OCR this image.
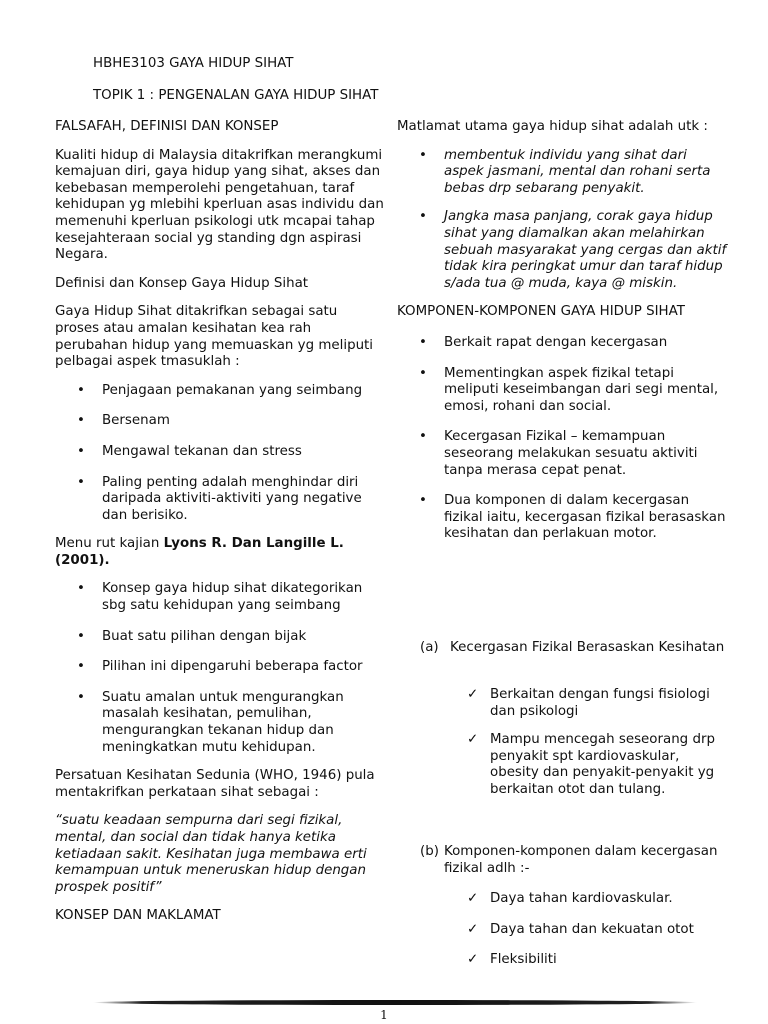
HBHE3103 GAYA HIDUP SIHAT
TOPIK 1 : PENGENALAN GAYA HIDUP SIHAT

FALSAFAH, DEFINISI DAN KONSEP

Kualiti hidup di Malaysia ditakrifkan merangkumi kemajuan diri, gaya hidup yang sihat, akses dan kebebasan memperolehi pengetahuan, taraf kehidupan yg mlebihi kperluan asas individu dan memenuhi kperluan psikologi utk mcapai tahap kesejahteraan social yg standing dgn aspirasi Negara.

Definisi dan Konsep Gaya Hidup Sihat

Gaya Hidup Sihat ditakrifkan sebagai satu proses atau amalan kesihatan kea rah perubahan hidup yang memuaskan yg meliputi pelbagai aspek tmasuklah :

• Penjagaan pemakanan yang seimbang
• Bersenam
• Mengawal tekanan dan stress
• Paling penting adalah menghindar diri daripada aktiviti-aktiviti yang negative dan berisiko.

Menu rut kajian Lyons R. Dan Langille L. (2001).

• Konsep gaya hidup sihat dikategorikan sbg satu kehidupan yang seimbang
• Buat satu pilihan dengan bijak
• Pilihan ini dipengaruhi beberapa factor
• Suatu amalan untuk mengurangkan masalah kesihatan, pemulihan, mengurangkan tekanan hidup dan meningkatkan mutu kehidupan.

Persatuan Kesihatan Sedunia (WHO, 1946) pula mentakrifkan perkataan sihat sebagai :

“suatu keadaan sempurna dari segi fizikal, mental, dan social dan tidak hanya ketika ketiadaan sakit. Kesihatan juga membawa erti kemampuan untuk meneruskan hidup dengan prospek positif”

KONSEP DAN MAKLAMAT

Matlamat utama gaya hidup sihat adalah utk :

• membentuk individu yang sihat dari aspek jasmani, mental dan rohani serta bebas drp sebarang penyakit.
• Jangka masa panjang, corak gaya hidup sihat yang diamalkan akan melahirkan sebuah masyarakat yang cergas dan aktif tidak kira peringkat umur dan taraf hidup s/ada tua @ muda, kaya @ miskin.

KOMPONEN-KOMPONEN GAYA HIDUP SIHAT

• Berkait rapat dengan kecergasan
• Mementingkan aspek fizikal tetapi meliputi keseimbangan dari segi mental, emosi, rohani dan social.
• Kecergasan Fizikal – kemampuan seseorang melakukan sesuatu aktiviti tanpa merasa cepat penat.
• Dua komponen di dalam kecergasan fizikal iaitu, kecergasan fizikal berasaskan kesihatan dan perlakuan motor.
(a) Kecergasan Fizikal Berasaskan Kesihatan
✓ Berkaitan dengan fungsi fisiologi dan psikologi
✓ Mampu mencegah seseorang drp penyakit spt kardiovaskular, obesity dan penyakit-penyakit yg berkaitan otot dan tulang.
(b) Komponen-komponen dalam kecergasan fizikal adlh :-
✓ Daya tahan kardiovaskular.
✓ Daya tahan dan kekuatan otot
✓ Fleksibiliti
1
